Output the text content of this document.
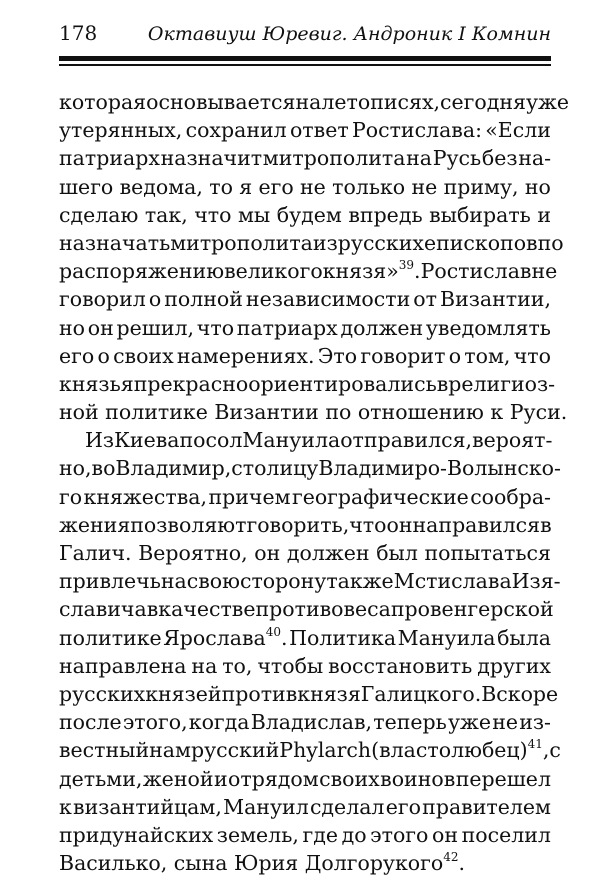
178	Октавиуш Юревиг. Андроник I Комнин
которая основывается на летописях, сегодня уже
утерянных, сохранил ответ Ростислава: «Если
патриарх назначит митрополита на Русь без на-
шего ведома, то я его не только не приму, но
сделаю так, что мы будем впредь выбирать и
назначать митрополита из русских епископов по
распоряжению великого князя»$^{39}$. Ростислав не
говорил о полной независимости от Византии,
но он решил, что патриарх должен уведомлять
его о своих намерениях. Это говорит о том, что
князья прекрасно ориентировались в религиоз-
ной политике Византии по отношению к Руси.
Из Киева посол Мануила отправился, вероят-
но, во Владимир, столицу Владимиро-Волынско-
го княжества, причем географические сообра-
жения позволяют говорить, что он направился в
Галич. Вероятно, он должен был попытаться
привлечь на свою сторону также Мстислава Изя-
славича в качестве противовеса провенгерской
политике Ярослава$^{40}$. Политика Мануила была
направлена на то, чтобы восстановить других
русских князей против князя Галицкого. Вскоре
после этого, когда Владислав, теперь уже не из-
вестный нам русский Phylarch (властолюбец)$^{41}$, с
детьми, женой и отрядом своих воинов перешел
к византийцам, Мануил сделал его правителем
придунайских земель, где до этого он поселил
Василько, сына Юрия Долгорукого$^{42}$.
